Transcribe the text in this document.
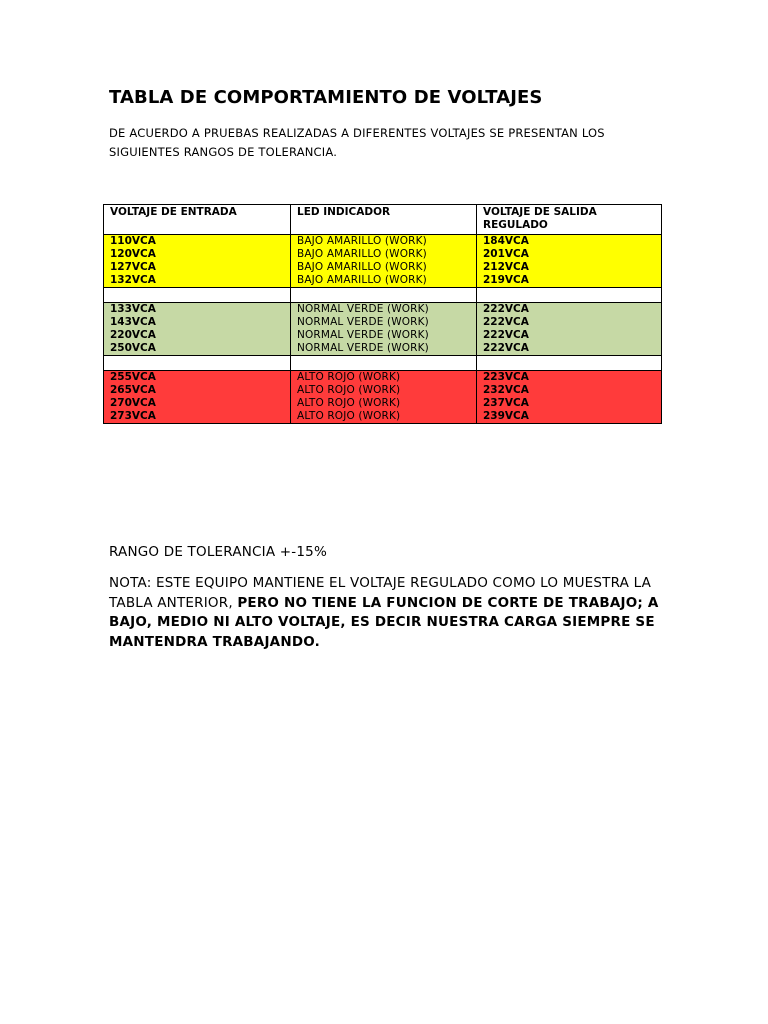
TABLA DE COMPORTAMIENTO DE VOLTAJES
DE ACUERDO A PRUEBAS REALIZADAS A DIFERENTES VOLTAJES SE PRESENTAN LOS SIGUIENTES RANGOS DE TOLERANCIA.
VOLTAJE DE ENTRADA	LED INDICADOR	VOLTAJE DE SALIDA REGULADO
110VCA	BAJO AMARILLO (WORK)	184VCA
120VCA	BAJO AMARILLO (WORK)	201VCA
127VCA	BAJO AMARILLO (WORK)	212VCA
132VCA	BAJO AMARILLO (WORK)	219VCA

133VCA	NORMAL VERDE (WORK)	222VCA
143VCA	NORMAL VERDE (WORK)	222VCA
220VCA	NORMAL VERDE (WORK)	222VCA
250VCA	NORMAL VERDE (WORK)	222VCA

255VCA	ALTO ROJO (WORK)	223VCA
265VCA	ALTO ROJO (WORK)	232VCA
270VCA	ALTO ROJO (WORK)	237VCA
273VCA	ALTO ROJO (WORK)	239VCA
RANGO DE TOLERANCIA +-15%
NOTA: ESTE EQUIPO MANTIENE EL VOLTAJE REGULADO COMO LO MUESTRA LA TABLA ANTERIOR, PERO NO TIENE LA FUNCION DE CORTE DE TRABAJO; A BAJO, MEDIO NI ALTO VOLTAJE, ES DECIR NUESTRA CARGA SIEMPRE SE MANTENDRA TRABAJANDO.
